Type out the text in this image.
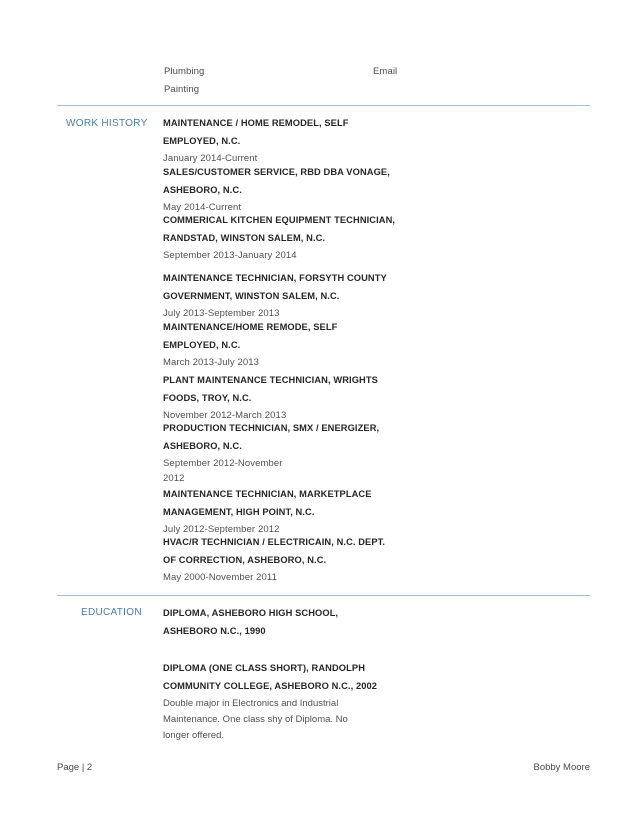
Plumbing
Painting
Email
WORK HISTORY MAINTENANCE / HOME REMODEL, SELF EMPLOYED, N.C.
January 2014-Current
SALES/CUSTOMER SERVICE, RBD DBA VONAGE, ASHEBORO, N.C.
May 2014-Current
COMMERICAL KITCHEN EQUIPMENT TECHNICIAN, RANDSTAD, WINSTON SALEM, N.C.
September 2013-January 2014
MAINTENANCE TECHNICIAN, FORSYTH COUNTY GOVERNMENT, WINSTON SALEM, N.C.
July 2013-September 2013
MAINTENANCE/HOME REMODE, SELF EMPLOYED, N.C.
March 2013-July 2013
PLANT MAINTENANCE TECHNICIAN, WRIGHTS FOODS, TROY, N.C.
November 2012-March 2013
PRODUCTION TECHNICIAN, SMX / ENERGIZER, ASHEBORO, N.C.
September 2012-November 2012
MAINTENANCE TECHNICIAN, MARKETPLACE MANAGEMENT, HIGH POINT, N.C.
July 2012-September 2012
HVAC/R TECHNICIAN / ELECTRICAIN, N.C. DEPT. OF CORRECTION, ASHEBORO, N.C.
May 2000-November 2011
EDUCATION DIPLOMA, ASHEBORO HIGH SCHOOL, ASHEBORO N.C., 1990
DIPLOMA (ONE CLASS SHORT), RANDOLPH COMMUNITY COLLEGE, ASHEBORO N.C., 2002
Double major in Electronics and Industrial Maintenance. One class shy of Diploma. No longer offered.
Page | 2	Bobby Moore
